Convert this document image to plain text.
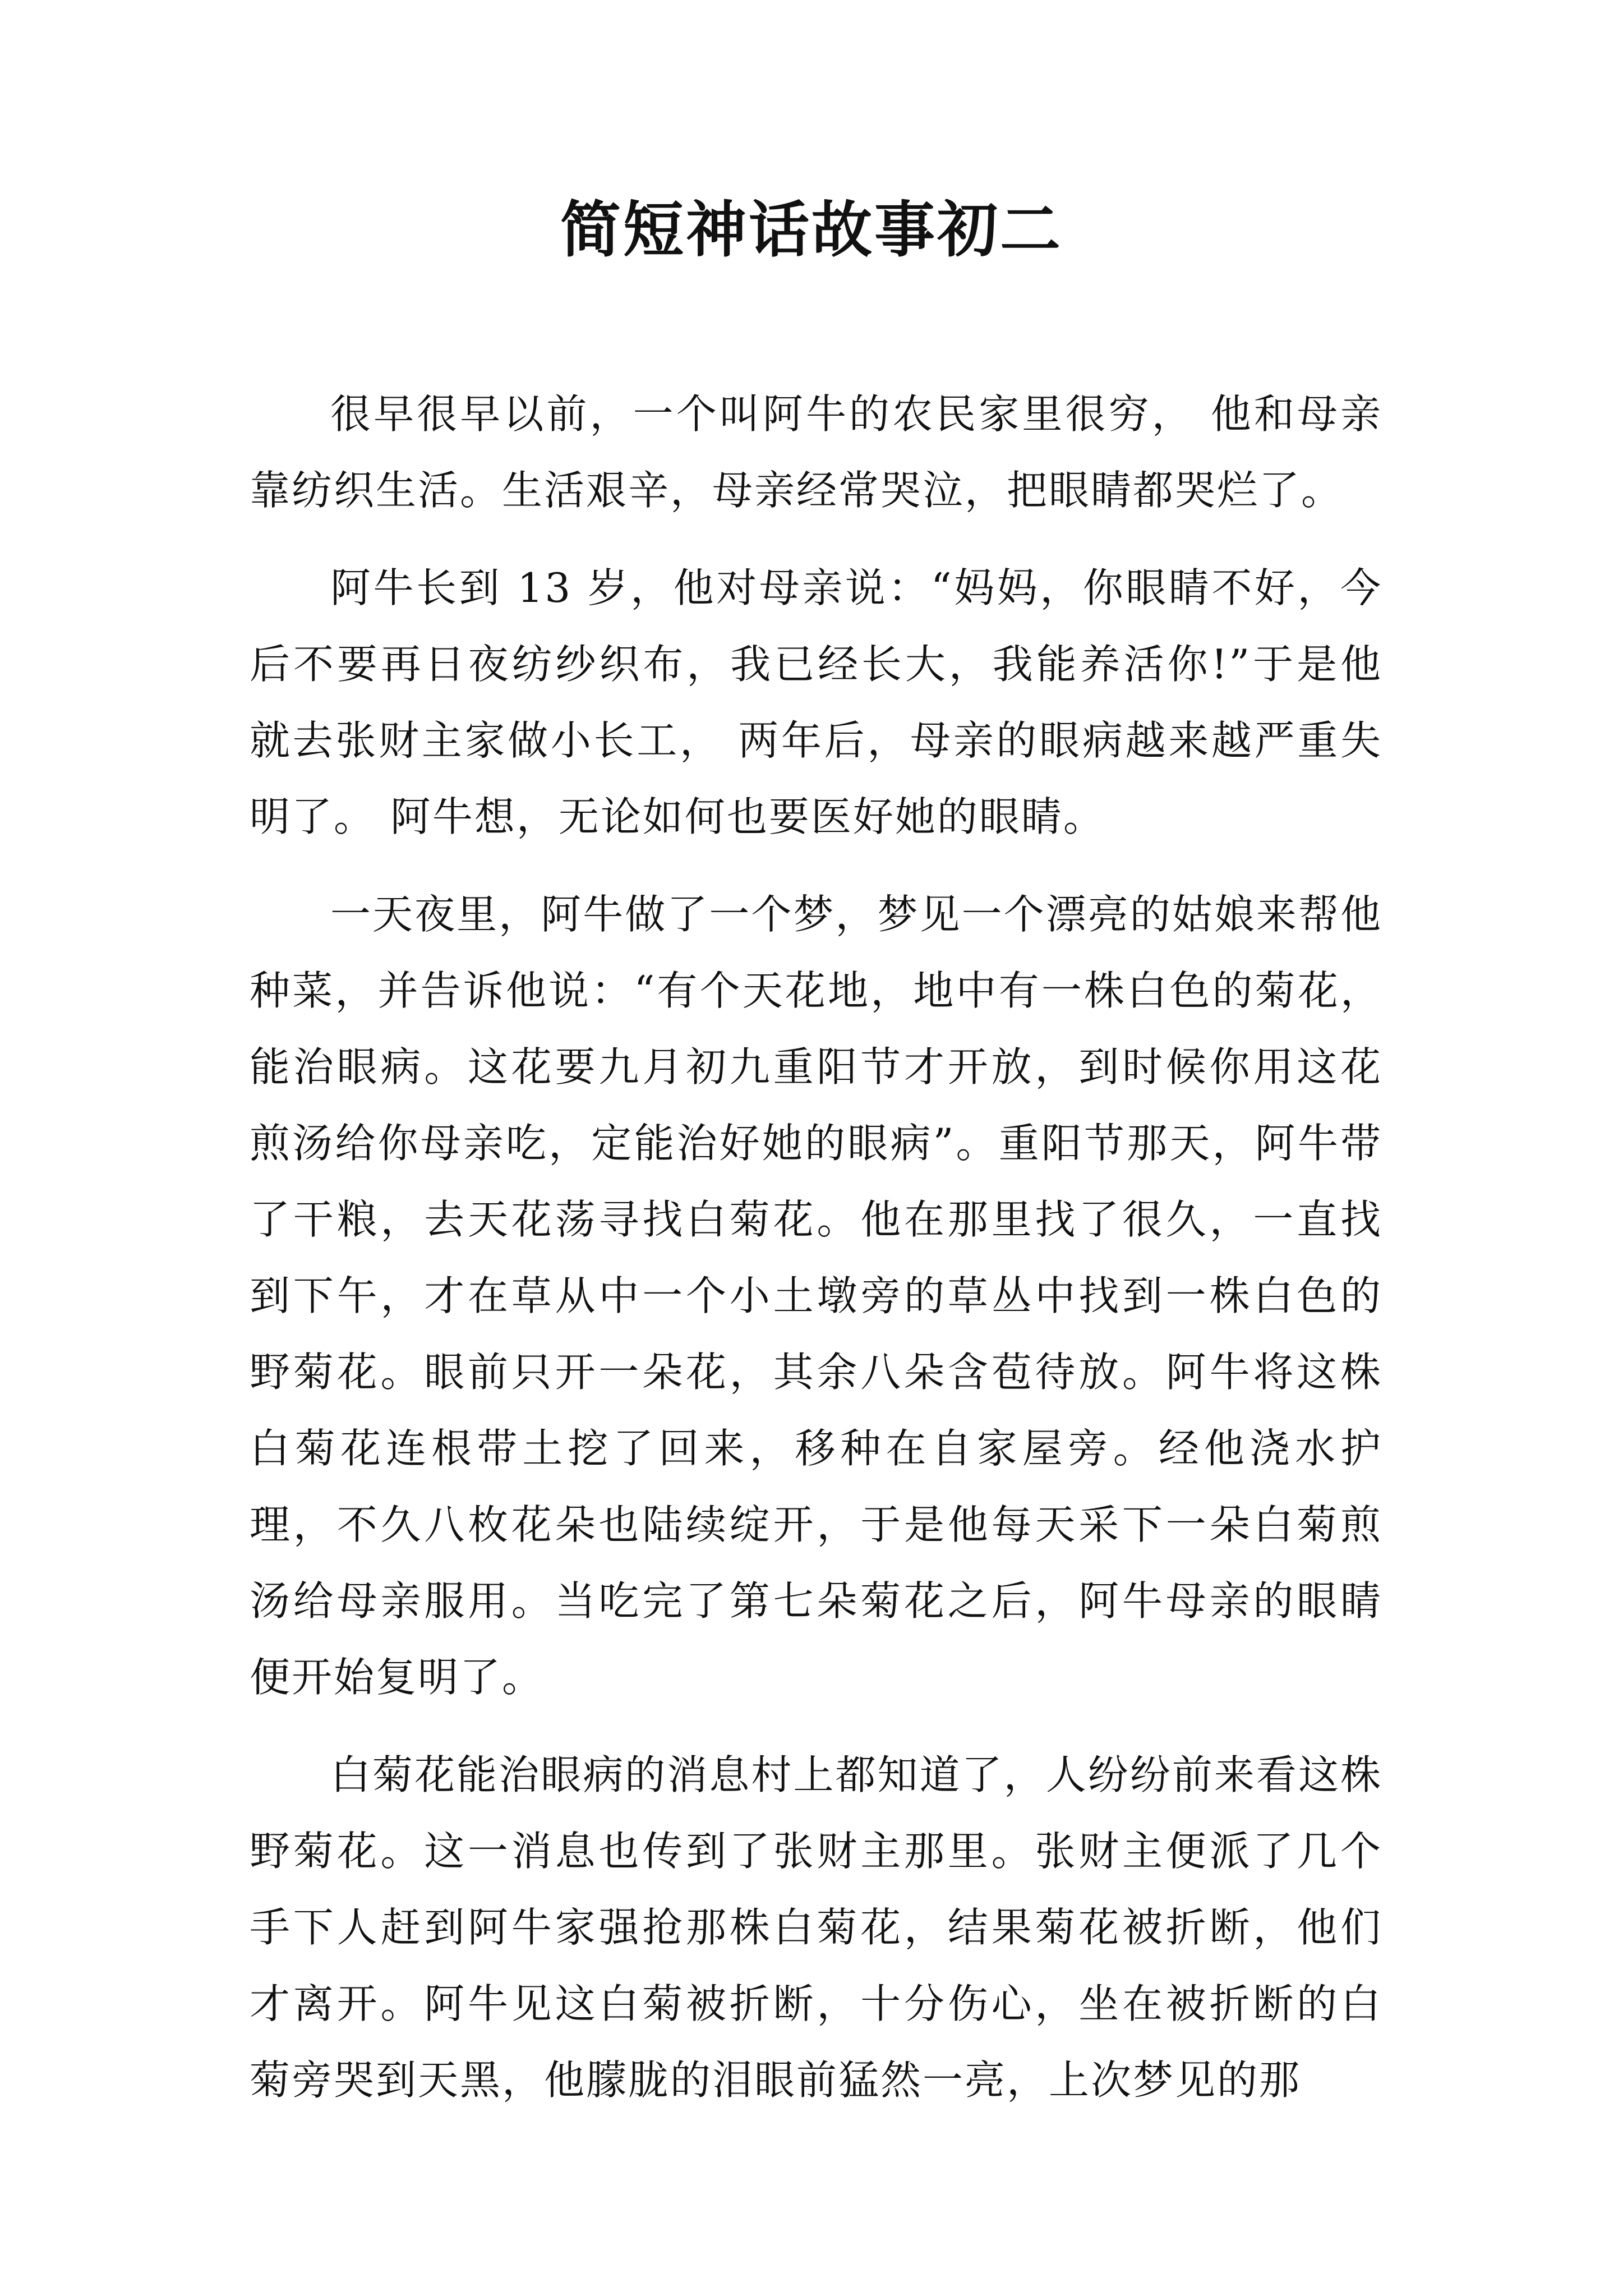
简短神话故事初二

很早很早以前，一个叫阿牛的农民家里很穷， 他和母亲靠纺织生活。生活艰辛，母亲经常哭泣，把眼睛都哭烂了。

阿牛长到 13 岁，他对母亲说：“妈妈，你眼睛不好，今后不要再日夜纺纱织布，我已经长大，我能养活你!”于是他就去张财主家做小长工， 两年后，母亲的眼病越来越严重失明了。 阿牛想，无论如何也要医好她的眼睛。

一天夜里，阿牛做了一个梦，梦见一个漂亮的姑娘来帮他种菜，并告诉他说：“有个天花地，地中有一株白色的菊花，能治眼病。这花要九月初九重阳节才开放，到时候你用这花煎汤给你母亲吃，定能治好她的眼病”。重阳节那天，阿牛带了干粮，去天花荡寻找白菊花。他在那里找了很久，一直找到下午，才在草从中一个小土墩旁的草丛中找到一株白色的野菊花。眼前只开一朵花，其余八朵含苞待放。阿牛将这株白菊花连根带土挖了回来，移种在自家屋旁。经他浇水护理，不久八枚花朵也陆续绽开，于是他每天采下一朵白菊煎汤给母亲服用。当吃完了第七朵菊花之后，阿牛母亲的眼睛便开始复明了。

白菊花能治眼病的消息村上都知道了，人纷纷前来看这株野菊花。这一消息也传到了张财主那里。张财主便派了几个手下人赶到阿牛家强抢那株白菊花，结果菊花被折断，他们才离开。阿牛见这白菊被折断，十分伤心，坐在被折断的白菊旁哭到天黑，他朦胧的泪眼前猛然一亮，上次梦见的那
